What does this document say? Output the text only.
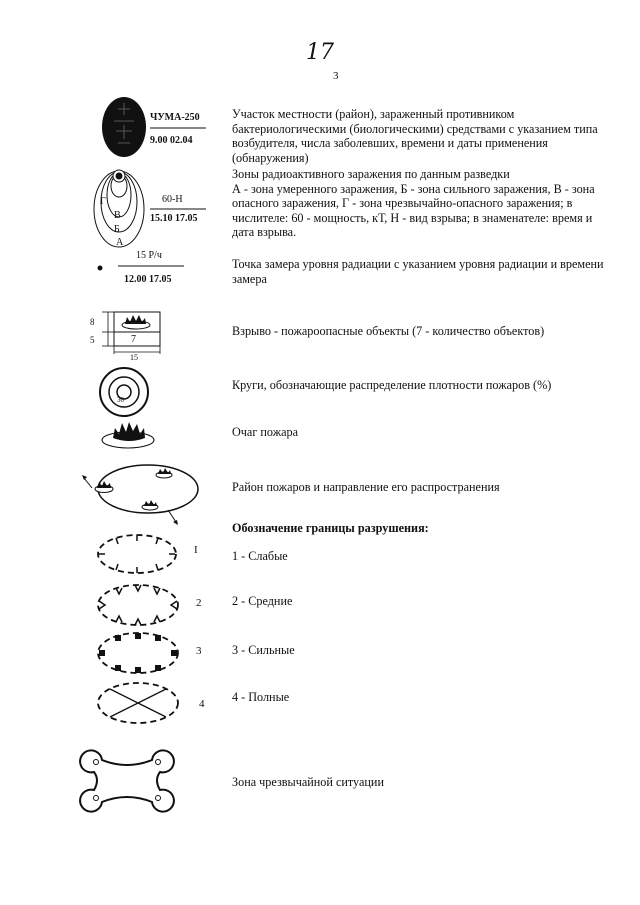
17
3
ЧУМА-250
9.00 02.04
Участок местности (район), зараженный противником бактериологическими (биологическими) средствами с указанием типа возбудителя, числа заболевших, времени и даты применения (обнаружения)
Г
В
Б
А
60-Н
15.10 17.05
Зоны радиоактивного заражения по данным разведки
А - зона умеренного заражения, Б - зона сильного заражения, В - зона опасного заражения, Г - зона чрезвычайно-опасного заражения; в числителе: 60 - мощность, кТ, Н - вид взрыва; в знаменателе: время и дата взрыва.
15 Р/ч
12.00 17.05
Точка замера уровня радиации с указанием уровня радиации и времени замера
8
5	7
15
Взрыво - пожароопасные объекты (7 - количество объектов)
30
Круги, обозначающие распределение плотности пожаров (%)
Очаг пожара
Район пожаров и направление его распространения
Обозначение границы разрушения:
I	1 - Слабые
2	2 - Средние
3	3 - Сильные
4 4 - Полные
Зона чрезвычайной ситуации
